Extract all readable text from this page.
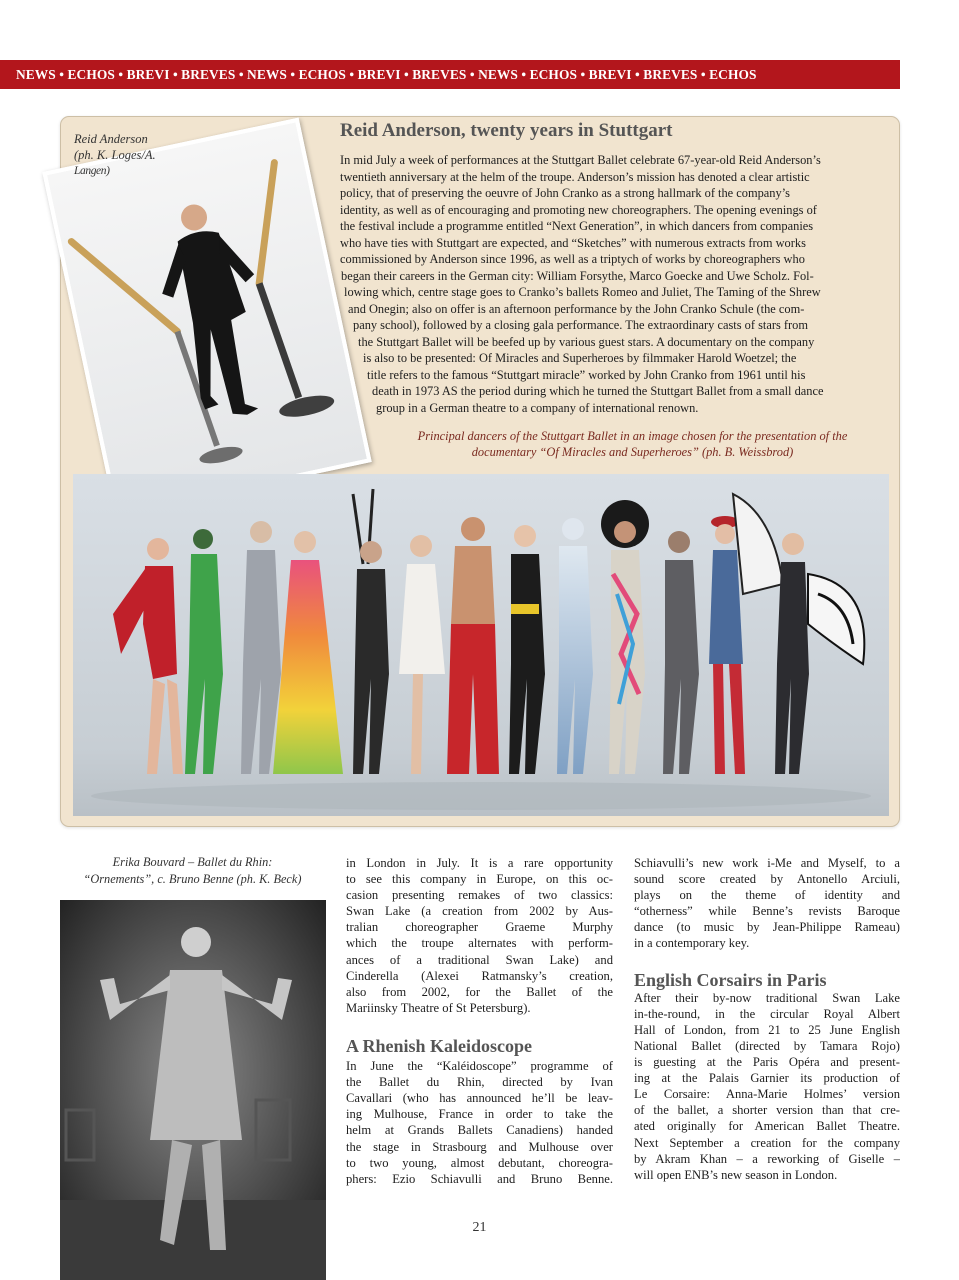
NEWS • ECHOS • BREVI • BREVES • NEWS • ECHOS • BREVI • BREVES • NEWS • ECHOS • BREVI • BREVES • ECHOS
Reid Anderson
(ph. K. Loges/A.
Langen)
Reid Anderson, twenty years in Stuttgart
In mid July a week of performances at the Stuttgart Ballet celebrate 67-year-old Reid Anderson’s
twentieth anniversary at the helm of the troupe. Anderson’s mission has denoted a clear artistic
policy, that of preserving the oeuvre of John Cranko as a strong hallmark of the company’s
identity, as well as of encouraging and promoting new choreographers. The opening evenings of
the festival include a programme entitled “Next Generation”, in which dancers from companies
who have ties with Stuttgart are expected, and “Sketches” with numerous extracts from works
commissioned by Anderson since 1996, as well as a triptych of works by choreographers who
began their careers in the German city: William Forsythe, Marco Goecke and Uwe Scholz. Fol-
lowing which, centre stage goes to Cranko’s ballets Romeo and Juliet, The Taming of the Shrew
and Onegin; also on offer is an afternoon performance by the John Cranko Schule (the com-
pany school), followed by a closing gala performance. The extraordinary casts of stars from
the Stuttgart Ballet will be beefed up by various guest stars. A documentary on the company
is also to be presented: Of Miracles and Superheroes by filmmaker Harold Woetzel; the
title refers to the famous “Stuttgart miracle” worked by John Cranko from 1961 until his
death in 1973 AS the period during which he turned the Stuttgart Ballet from a small dance
group in a German theatre to a company of international renown.
Principal dancers of the Stuttgart Ballet in an image chosen for the presentation of the
documentary “Of Miracles and Superheroes” (ph. B. Weissbrod)
Erika Bouvard – Ballet du Rhin:
“Ornements”, c. Bruno Benne (ph. K. Beck)
in London in July. It is a rare opportunity
to see this company in Europe, on this oc-
casion presenting remakes of two classics:
Swan Lake (a creation from 2002 by Aus-
tralian choreographer Graeme Murphy
which the troupe alternates with perform-
ances of a traditional Swan Lake) and
Cinderella (Alexei Ratmansky’s creation,
also from 2002, for the Ballet of the
Mariinsky Theatre of St Petersburg).
A Rhenish Kaleidoscope
In June the “Kaléidoscope” programme of
the Ballet du Rhin, directed by Ivan
Cavallari (who has announced he’ll be leav-
ing Mulhouse, France in order to take the
helm at Grands Ballets Canadiens) handed
the stage in Strasbourg and Mulhouse over
to two young, almost debutant, choreogra-
phers: Ezio Schiavulli and Bruno Benne.
Schiavulli’s new work i-Me and Myself, to a
sound score created by Antonello Arciuli,
plays on the theme of identity and
“otherness” while Benne’s revists Baroque
dance (to music by Jean-Philippe Rameau)
in a contemporary key.
English Corsairs in Paris
After their by-now traditional Swan Lake
in-the-round, in the circular Royal Albert
Hall of London, from 21 to 25 June English
National Ballet (directed by Tamara Rojo)
is guesting at the Paris Opéra and present-
ing at the Palais Garnier its production of
Le Corsaire: Anna-Marie Holmes’ version
of the ballet, a shorter version than that cre-
ated originally for American Ballet Theatre.
Next September a creation for the company
by Akram Khan – a reworking of Giselle –
will open ENB’s new season in London.
21
